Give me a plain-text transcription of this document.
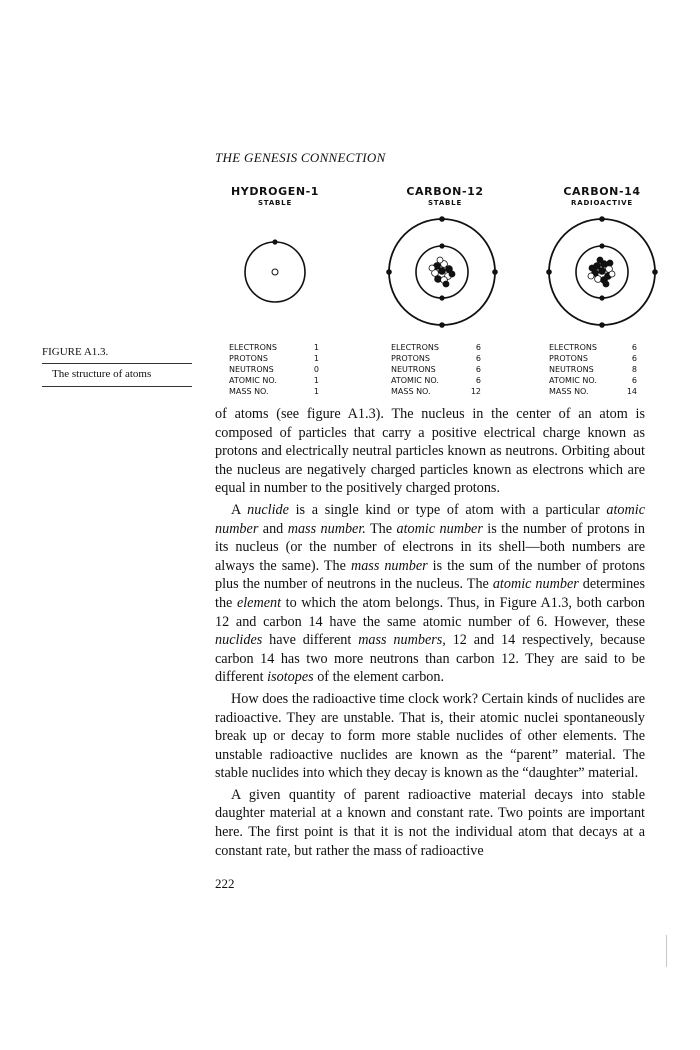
THE GENESIS CONNECTION
HYDROGEN-1
STABLE
ELECTRONS	1
PROTONS	1
NEUTRONS	0
ATOMIC NO.	1
MASS NO.	1
CARBON-12
STABLE
ELECTRONS	6
PROTONS	6
NEUTRONS	6
ATOMIC NO.	6
MASS NO.	12
CARBON-14
RADIOACTIVE
ELECTRONS	6
PROTONS	6
NEUTRONS	8
ATOMIC NO.	6
MASS NO.	14
FIGURE A1.3.
The structure of atoms

of atoms (see figure A1.3). The nucleus in the center of an atom is composed of particles that carry a positive electrical charge known as protons and electrically neutral particles known as neutrons. Orbiting about the nucleus are negatively charged particles known as electrons which are equal in number to the positively charged protons.

A nuclide is a single kind or type of atom with a particular atomic number and mass number. The atomic number is the number of protons in its nucleus (or the number of electrons in its shell—both numbers are always the same). The mass number is the sum of the number of protons plus the number of neutrons in the nucleus. The atomic number determines the element to which the atom belongs. Thus, in Figure A1.3, both carbon 12 and carbon 14 have the same atomic number of 6. However, these nuclides have different mass numbers, 12 and 14 respectively, because carbon 14 has two more neutrons than carbon 12. They are said to be different isotopes of the element carbon.

How does the radioactive time clock work? Certain kinds of nuclides are radioactive. They are unstable. That is, their atomic nuclei spontaneously break up or decay to form more stable nuclides of other elements. The unstable radioactive nuclides are known as the “parent” material. The stable nuclides into which they decay is known as the “daughter” material.

A given quantity of parent radioactive material decays into stable daughter material at a known and constant rate. Two points are important here. The first point is that it is not the individual atom that decays at a constant rate, but rather the mass of radioactive

222
